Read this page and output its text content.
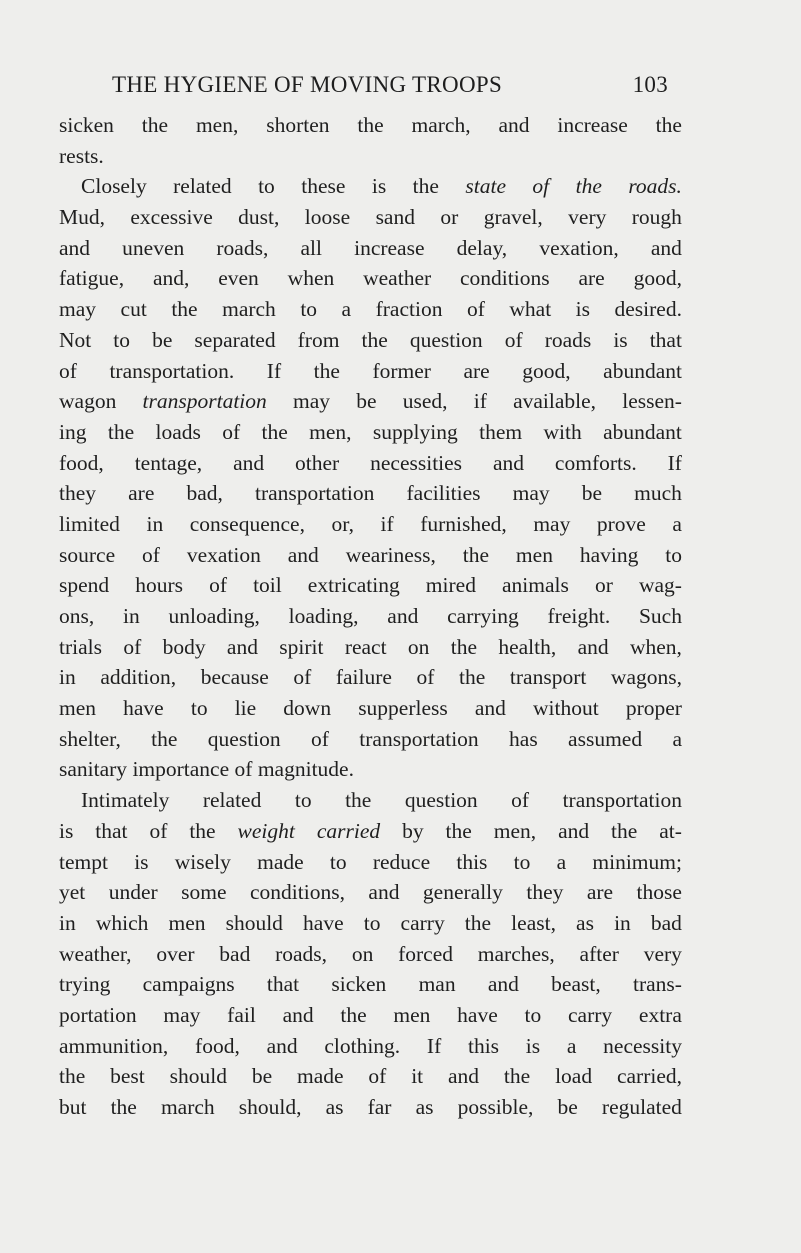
THE HYGIENE OF MOVING TROOPS	103
sicken the men, shorten the march, and increase the
rests.
Closely related to these is the state of the roads.
Mud, excessive dust, loose sand or gravel, very rough
and uneven roads, all increase delay, vexation, and
fatigue, and, even when weather conditions are good,
may cut the march to a fraction of what is desired.
Not to be separated from the question of roads is that
of transportation. If the former are good, abundant
wagon transportation may be used, if available, lessen-
ing the loads of the men, supplying them with abundant
food, tentage, and other necessities and comforts. If
they are bad, transportation facilities may be much
limited in consequence, or, if furnished, may prove a
source of vexation and weariness, the men having to
spend hours of toil extricating mired animals or wag-
ons, in unloading, loading, and carrying freight. Such
trials of body and spirit react on the health, and when,
in addition, because of failure of the transport wagons,
men have to lie down supperless and without proper
shelter, the question of transportation has assumed a
sanitary importance of magnitude.
Intimately related to the question of transportation
is that of the weight carried by the men, and the at-
tempt is wisely made to reduce this to a minimum;
yet under some conditions, and generally they are those
in which men should have to carry the least, as in bad
weather, over bad roads, on forced marches, after very
trying campaigns that sicken man and beast, trans-
portation may fail and the men have to carry extra
ammunition, food, and clothing. If this is a necessity
the best should be made of it and the load carried,
but the march should, as far as possible, be regulated
